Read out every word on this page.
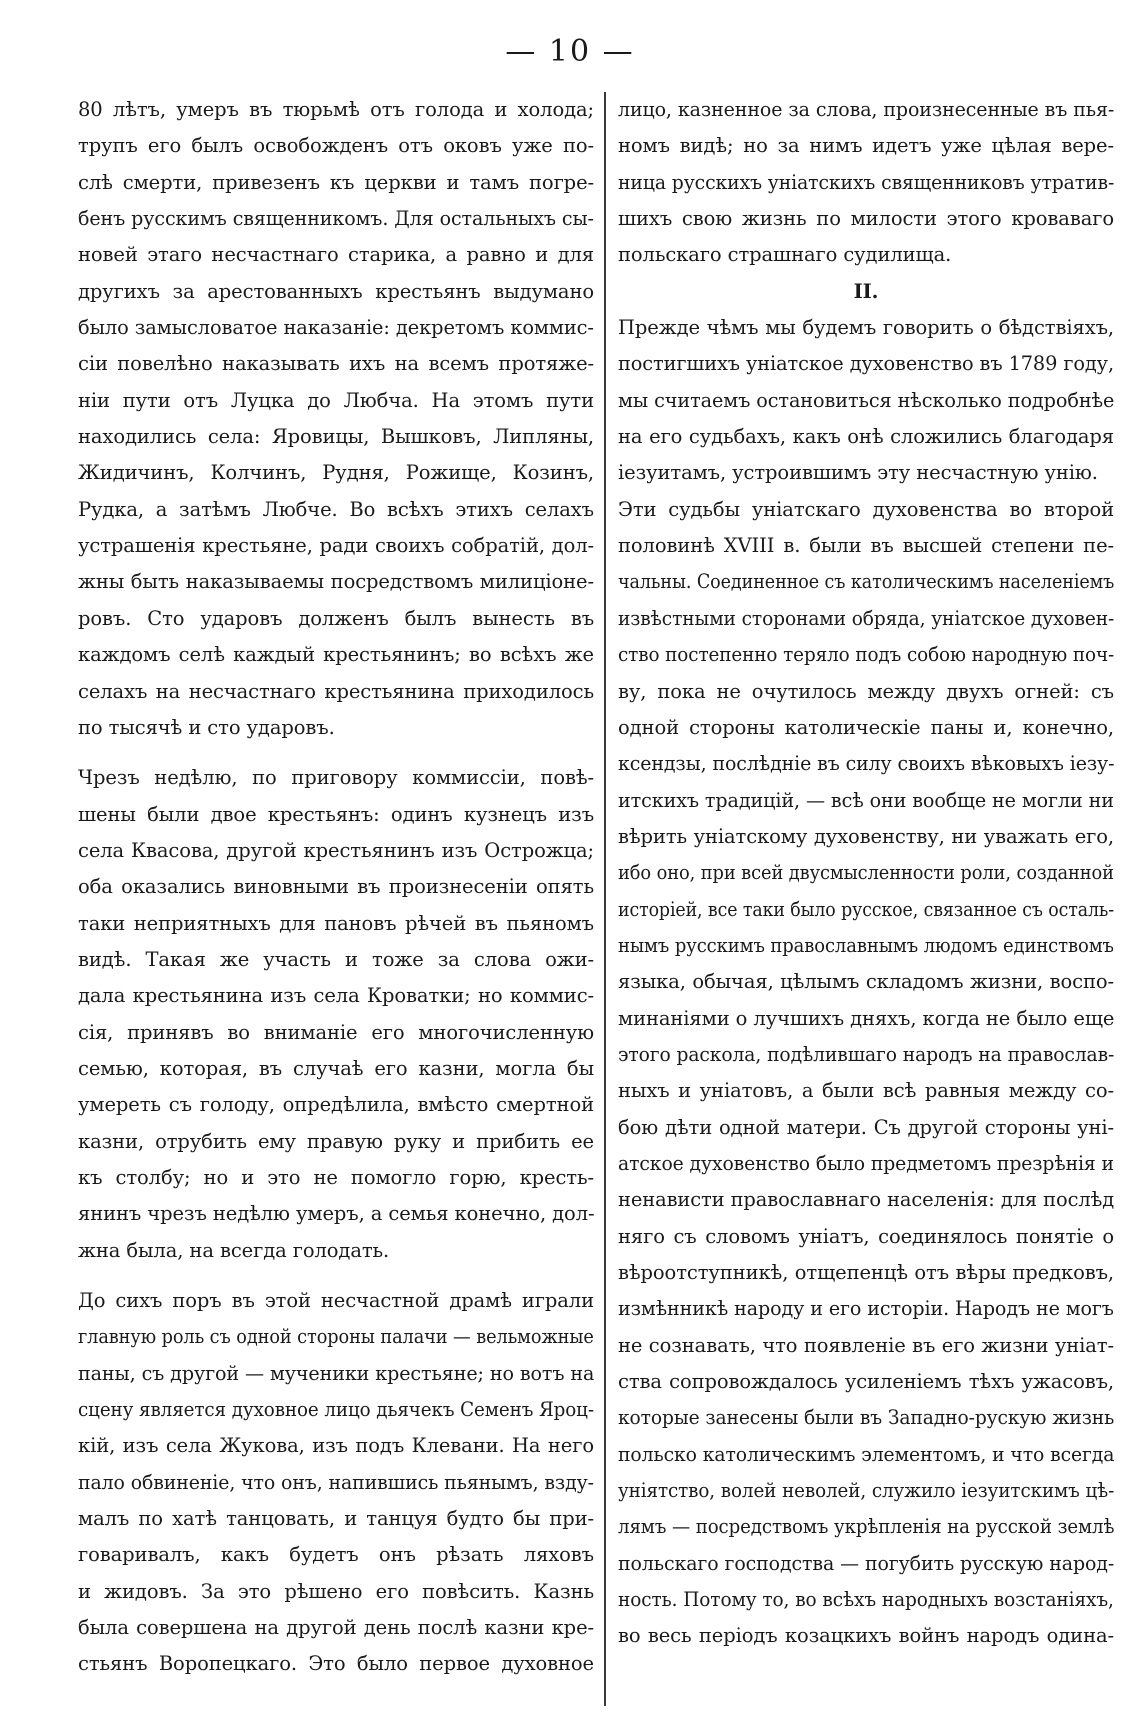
— 10 —
80 лѣтъ, умеръ въ тюрьмѣ отъ голода и холода;
трупъ его былъ освобожденъ отъ оковъ уже по-
слѣ смерти, привезенъ къ церкви и тамъ погре-
бенъ русскимъ священникомъ. Для остальныхъ сы-
новей этаго несчастнаго старика, а равно и для
другихъ за арестованныхъ крестьянъ выдумано
было замысловатое наказаніе: декретомъ коммис-
сіи повелѣно наказывать ихъ на всемъ протяже-
ніи пути отъ Луцка до Любча. На этомъ пути
находились села: Яровицы, Вышковъ, Липляны,
Жидичинъ, Колчинъ, Рудня, Рожище, Козинъ,
Рудка, а затѣмъ Любче. Во всѣхъ этихъ селахъ
устрашенія крестьяне, ради своихъ собратій, дол-
жны быть наказываемы посредствомъ милиціоне-
ровъ. Сто ударовъ долженъ былъ вынесть въ
каждомъ селѣ каждый крестьянинъ; во всѣхъ же
селахъ на несчастнаго крестьянина приходилось
по тысячѣ и сто ударовъ.
Чрезъ недѣлю, по приговору коммиссіи, повѣ-
шены были двое крестьянъ: одинъ кузнецъ изъ
села Квасова, другой крестьянинъ изъ Острожца;
оба оказались виновными въ произнесеніи опять
таки неприятныхъ для пановъ рѣчей въ пьяномъ
видѣ. Такая же участь и тоже за слова ожи-
дала крестьянина изъ села Кроватки; но коммис-
сія, принявъ во вниманіе его многочисленную
семью, которая, въ случаѣ его казни, могла бы
умереть съ голоду, опредѣлила, вмѣсто смертной
казни, отрубить ему правую руку и прибить ее
къ столбу; но и это не помогло горю, кресть-
янинъ чрезъ недѣлю умеръ, а семья конечно, дол-
жна была, на всегда голодать.
До сихъ поръ въ этой несчастной драмѣ играли
главную роль съ одной стороны палачи — вельможные
паны, съ другой — мученики крестьяне; но вотъ на
сцену является духовное лицо дьячекъ Семенъ Яроц-
кій, изъ села Жукова, изъ подъ Клевани. На него
пало обвиненіе, что онъ, напившись пьянымъ, взду-
малъ по хатѣ танцовать, и танцуя будто бы при-
говаривалъ, какъ будетъ онъ рѣзать ляховъ
и жидовъ. За это рѣшено его повѣсить. Казнь
была совершена на другой день послѣ казни кре-
стьянъ Воропецкаго. Это было первое духовное
лицо, казненное за слова, произнесенные въ пья-
номъ видѣ; но за нимъ идетъ уже цѣлая вере-
ница русскихъ уніатскихъ священниковъ утратив-
шихъ свою жизнь по милости этого кроваваго
польскаго страшнаго судилища.
II.
Прежде чѣмъ мы будемъ говорить о бѣдствіяхъ,
постигшихъ уніатское духовенство въ 1789 году,
мы считаемъ остановиться нѣсколько подробнѣе
на его судьбахъ, какъ онѣ сложились благодаря
іезуитамъ, устроившимъ эту несчастную унію.
Эти судьбы уніатскаго духовенства во второй
половинѣ XVIII в. были въ высшей степени пе-
чальны. Соединенное съ католическимъ населеніемъ
извѣстными сторонами обряда, уніатское духовен-
ство постепенно теряло подъ собою народную поч-
ву, пока не очутилось между двухъ огней: съ
одной стороны католическіе паны и, конечно,
ксендзы, послѣдніе въ силу своихъ вѣковыхъ іезу-
итскихъ традицій, — всѣ они вообще не могли ни
вѣрить уніатскому духовенству, ни уважать его,
ибо оно, при всей двусмысленности роли, созданной
исторіей, все таки было русское, связанное съ осталь-
нымъ русскимъ православнымъ людомъ единствомъ
языка, обычая, цѣлымъ складомъ жизни, воспо-
минаніями о лучшихъ дняхъ, когда не было еще
этого раскола, подѣлившаго народъ на православ-
ныхъ и уніатовъ, а были всѣ равныя между со-
бою дѣти одной матери. Съ другой стороны уні-
атское духовенство было предметомъ презрѣнія и
ненависти православнаго населенія: для послѣд
няго съ словомъ уніатъ, соединялось понятіе о
вѣроотступникѣ, отщепенцѣ отъ вѣры предковъ,
измѣнникѣ народу и его исторіи. Народъ не могъ
не сознавать, что появленіе въ его жизни уніат-
ства сопровождалось усиленіемъ тѣхъ ужасовъ,
которые занесены были въ Западно-рускую жизнь
польско католическимъ элементомъ, и что всегда
уніятство, волей неволей, служило іезуитскимъ цѣ-
лямъ — посредствомъ укрѣпленія на русской землѣ
польскаго господства — погубить русскую народ-
ность. Потому то, во всѣхъ народныхъ возстаніяхъ,
во весь періодъ козацкихъ войнъ народъ одина-
